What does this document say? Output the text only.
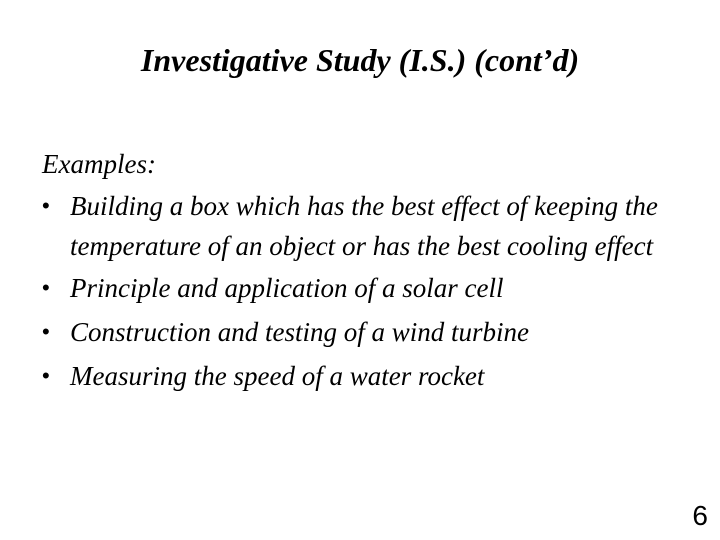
Investigative Study (I.S.) (cont’d)

Examples:

• Building a box which has the best effect of keeping the temperature of an object or has the best cooling effect
• Principle and application of a solar cell
• Construction and testing of a wind turbine
• Measuring the speed of a water rocket
6
